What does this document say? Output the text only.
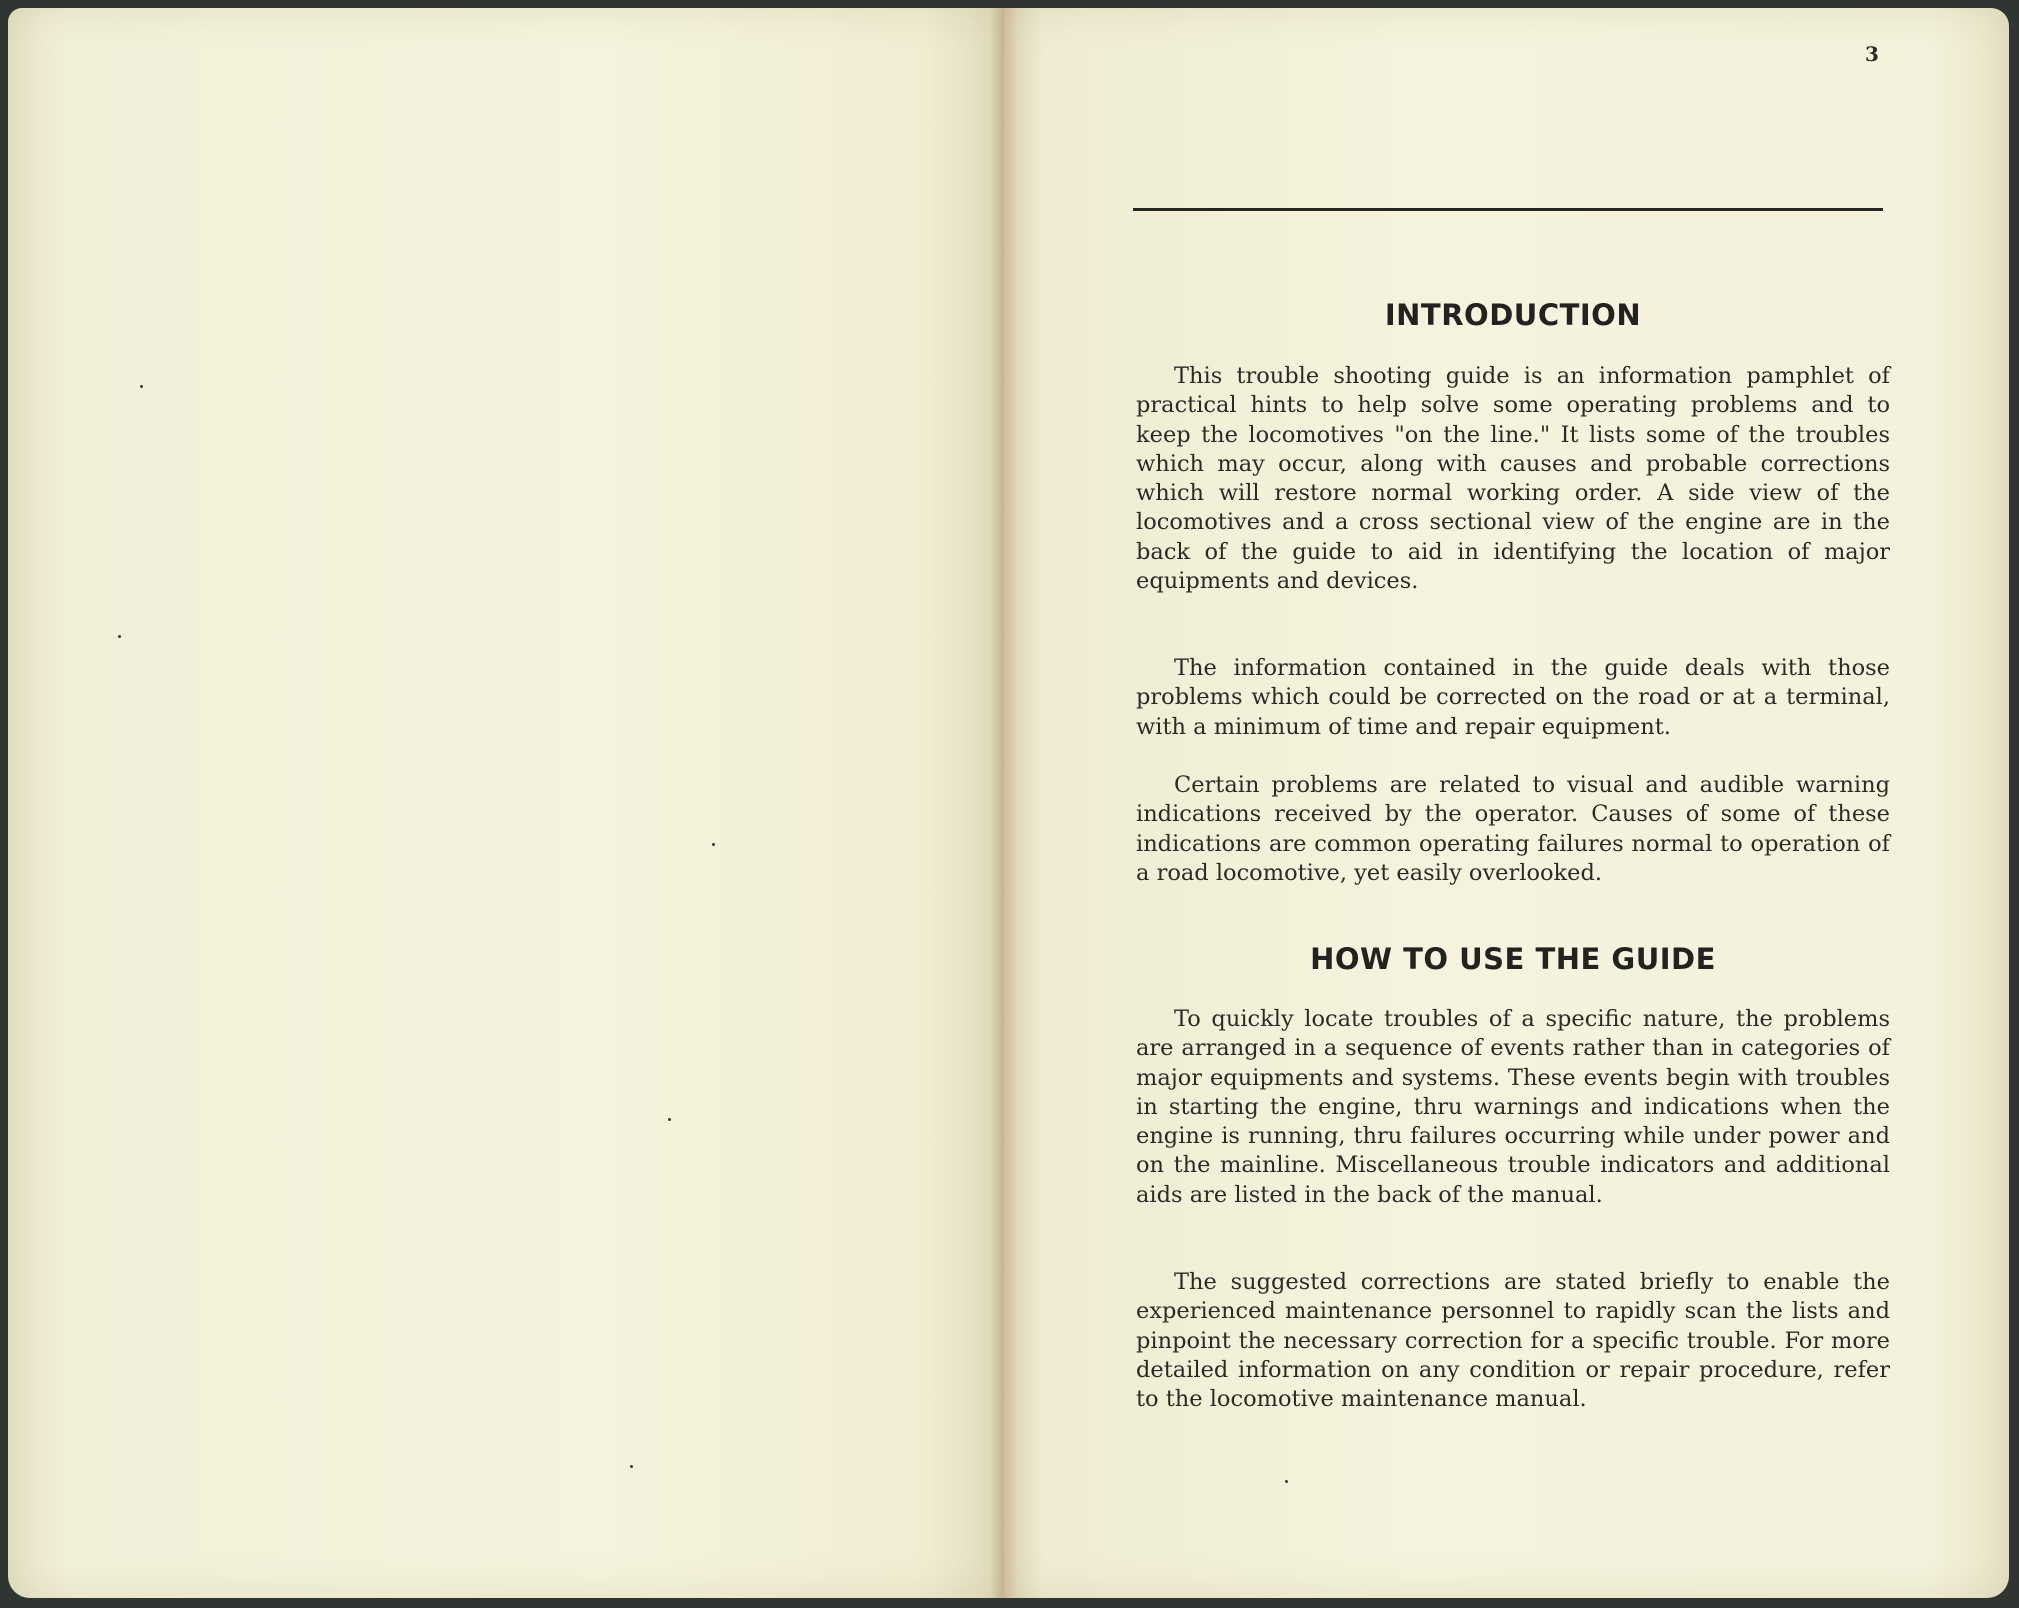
3
INTRODUCTION

This trouble shooting guide is an information pamphlet of practical hints to help solve some operating problems and to keep the locomotives "on the line." It lists some of the troubles which may occur, along with causes and probable corrections which will restore normal working order. A side view of the locomotives and a cross sectional view of the engine are in the back of the guide to aid in identifying the location of major equipments and devices.

The information contained in the guide deals with those problems which could be corrected on the road or at a terminal, with a minimum of time and repair equipment.

Certain problems are related to visual and audible warning indications received by the operator. Causes of some of these indications are common operating failures normal to operation of a road locomotive, yet easily overlooked.

HOW TO USE THE GUIDE

To quickly locate troubles of a specific nature, the problems are arranged in a sequence of events rather than in categories of major equipments and systems. These events begin with troubles in starting the engine, thru warnings and indications when the engine is running, thru failures occurring while under power and on the mainline. Miscellaneous trouble indicators and additional aids are listed in the back of the manual.

The suggested corrections are stated briefly to enable the experienced maintenance personnel to rapidly scan the lists and pinpoint the necessary correction for a specific trouble. For more detailed information on any condition or repair procedure, refer to the locomotive maintenance manual.
